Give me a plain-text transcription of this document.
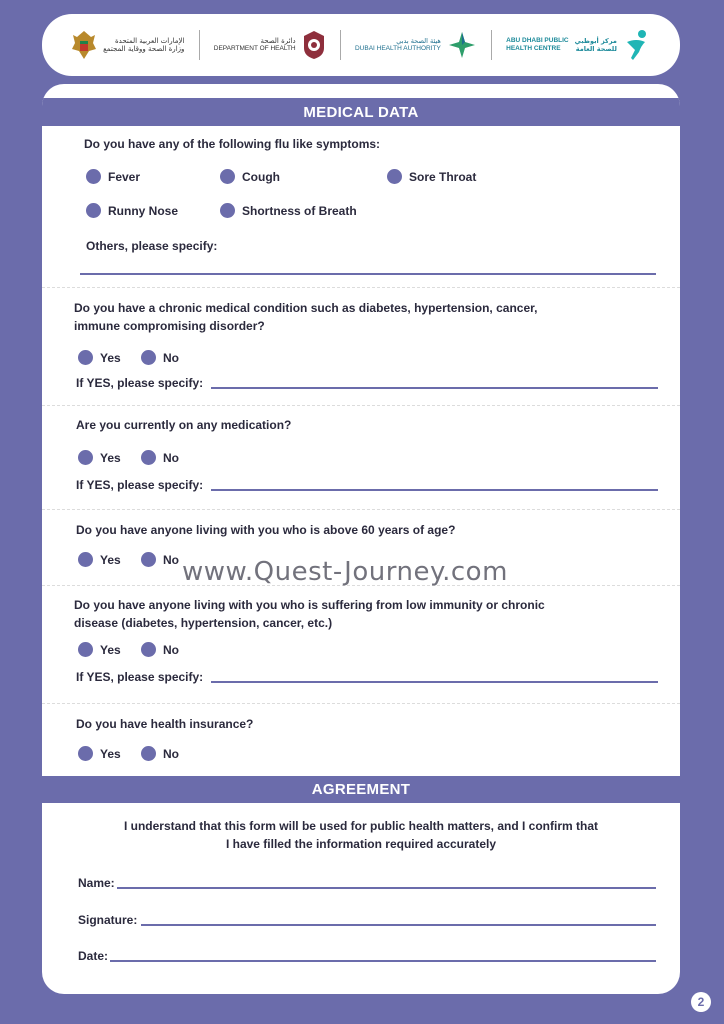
الإمارات العربية المتحدة
وزارة الصحة ووقاية المجتمع
دائرة الصحة
DEPARTMENT OF HEALTH
هيئة الصحة بدبي
DUBAI HEALTH AUTHORITY
ABU DHABI PUBLIC
HEALTH CENTRE
مركز أبوظبي
للصحة العامة
MEDICAL DATA
Do you have any of the following flu like symptoms:
Fever	Cough	Sore Throat
Runny Nose	Shortness of Breath
Others, please specify:
Do you have a chronic medical condition such as diabetes, hypertension, cancer,
immune compromising disorder?
Yes	No
If YES, please specify:
Are you currently on any medication?
Yes	No
If YES, please specify:
Do you have anyone living with you who is above 60 years of age?
Yes	No
Do you have anyone living with you who is suffering from low immunity or chronic
disease (diabetes, hypertension, cancer, etc.)
Yes	No
If YES, please specify:
Do you have health insurance?
Yes	No
AGREEMENT
I understand that this form will be used for public health matters, and I confirm that
I have filled the information required accurately
Name:
Signature:
Date:
www.Quest-Journey.com
2
